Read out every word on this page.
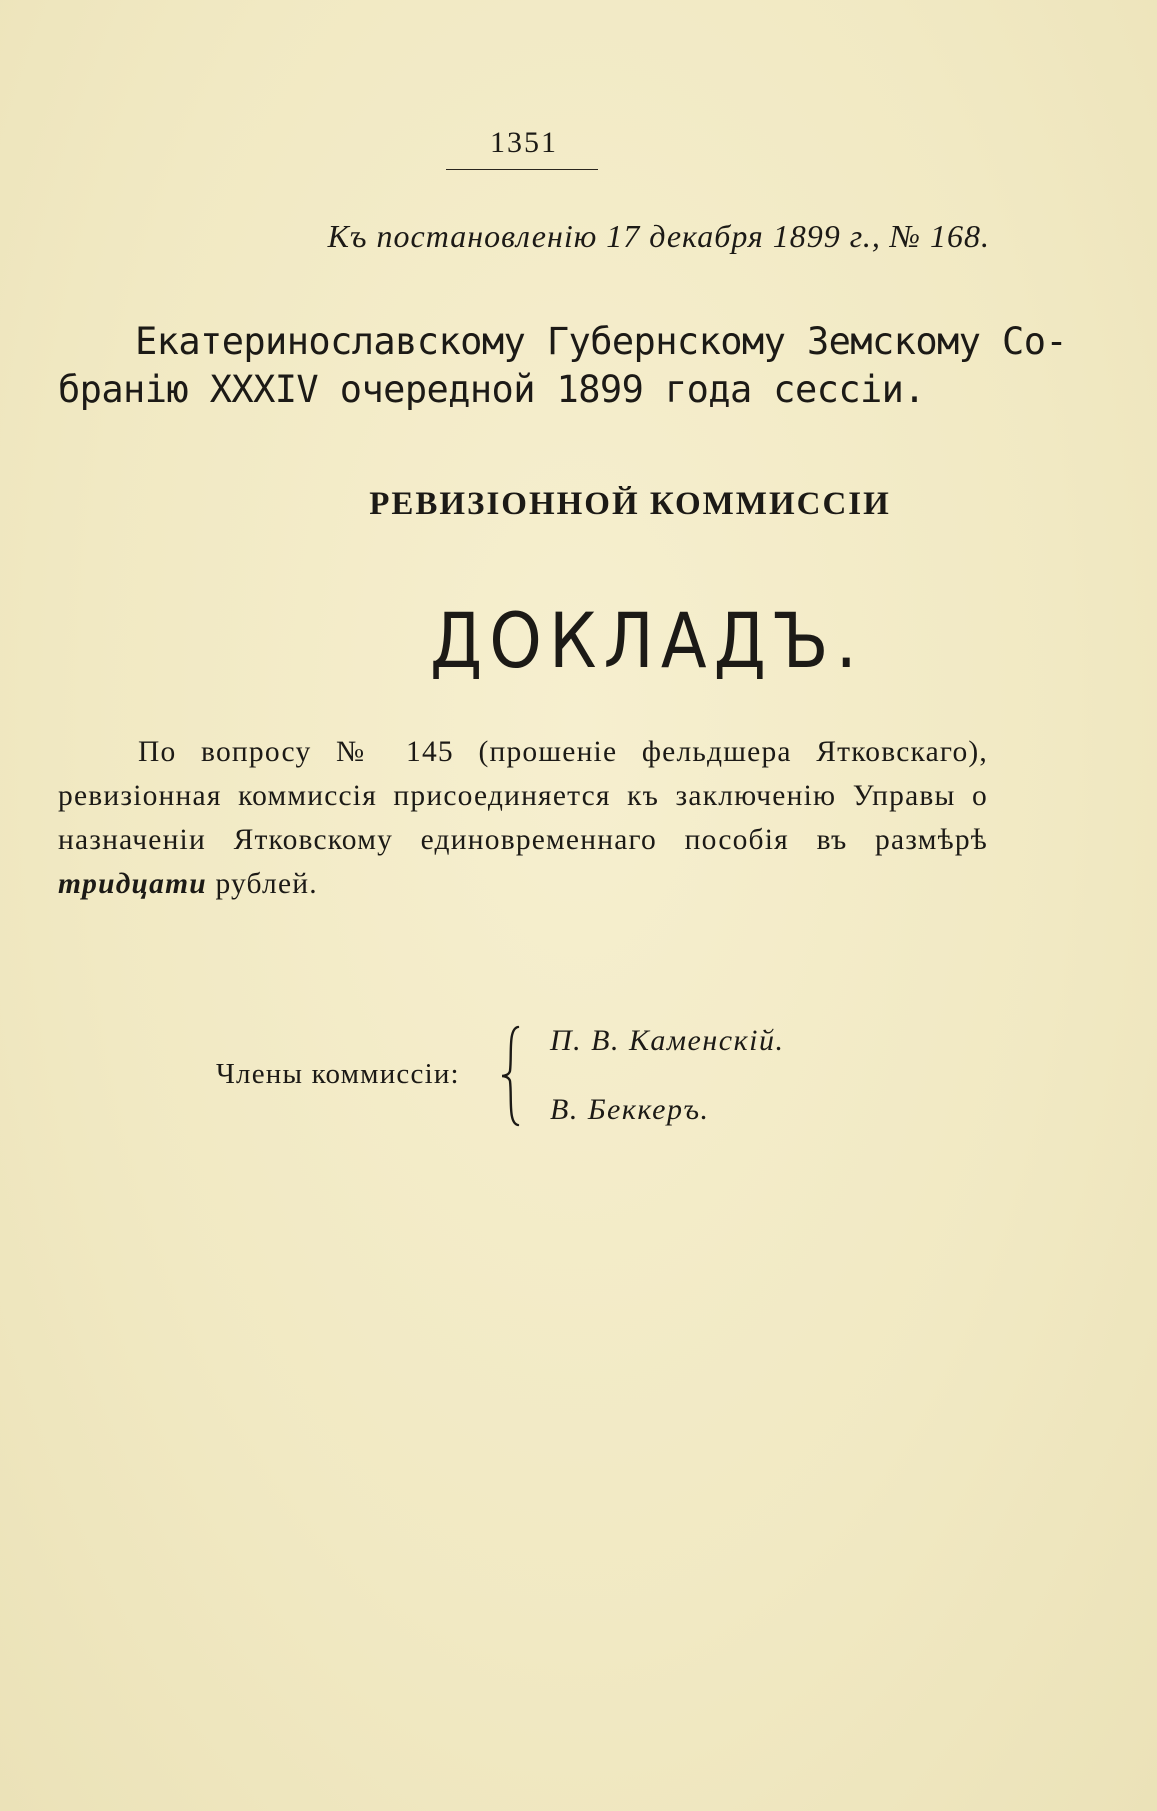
1351
Къ постановленію 17 декабря 1899 г., № 168.
Екатеринославскому Губернскому Земскому Со-
бранію XXXIV очередной 1899 года сессіи.
РЕВИЗІОННОЙ КОММИССІИ
ДОКЛАДЪ.
По вопросу № 145 (прошеніе фельдшера Ятковскаго), ревизіонная коммиссія присоединяется къ заключенію Управы о назначеніи Ятковскому единовременнаго пособія въ размѣрѣ тридцати рублей.
Члены коммиссіи:
П. В. Каменскій.
В. Беккеръ.
